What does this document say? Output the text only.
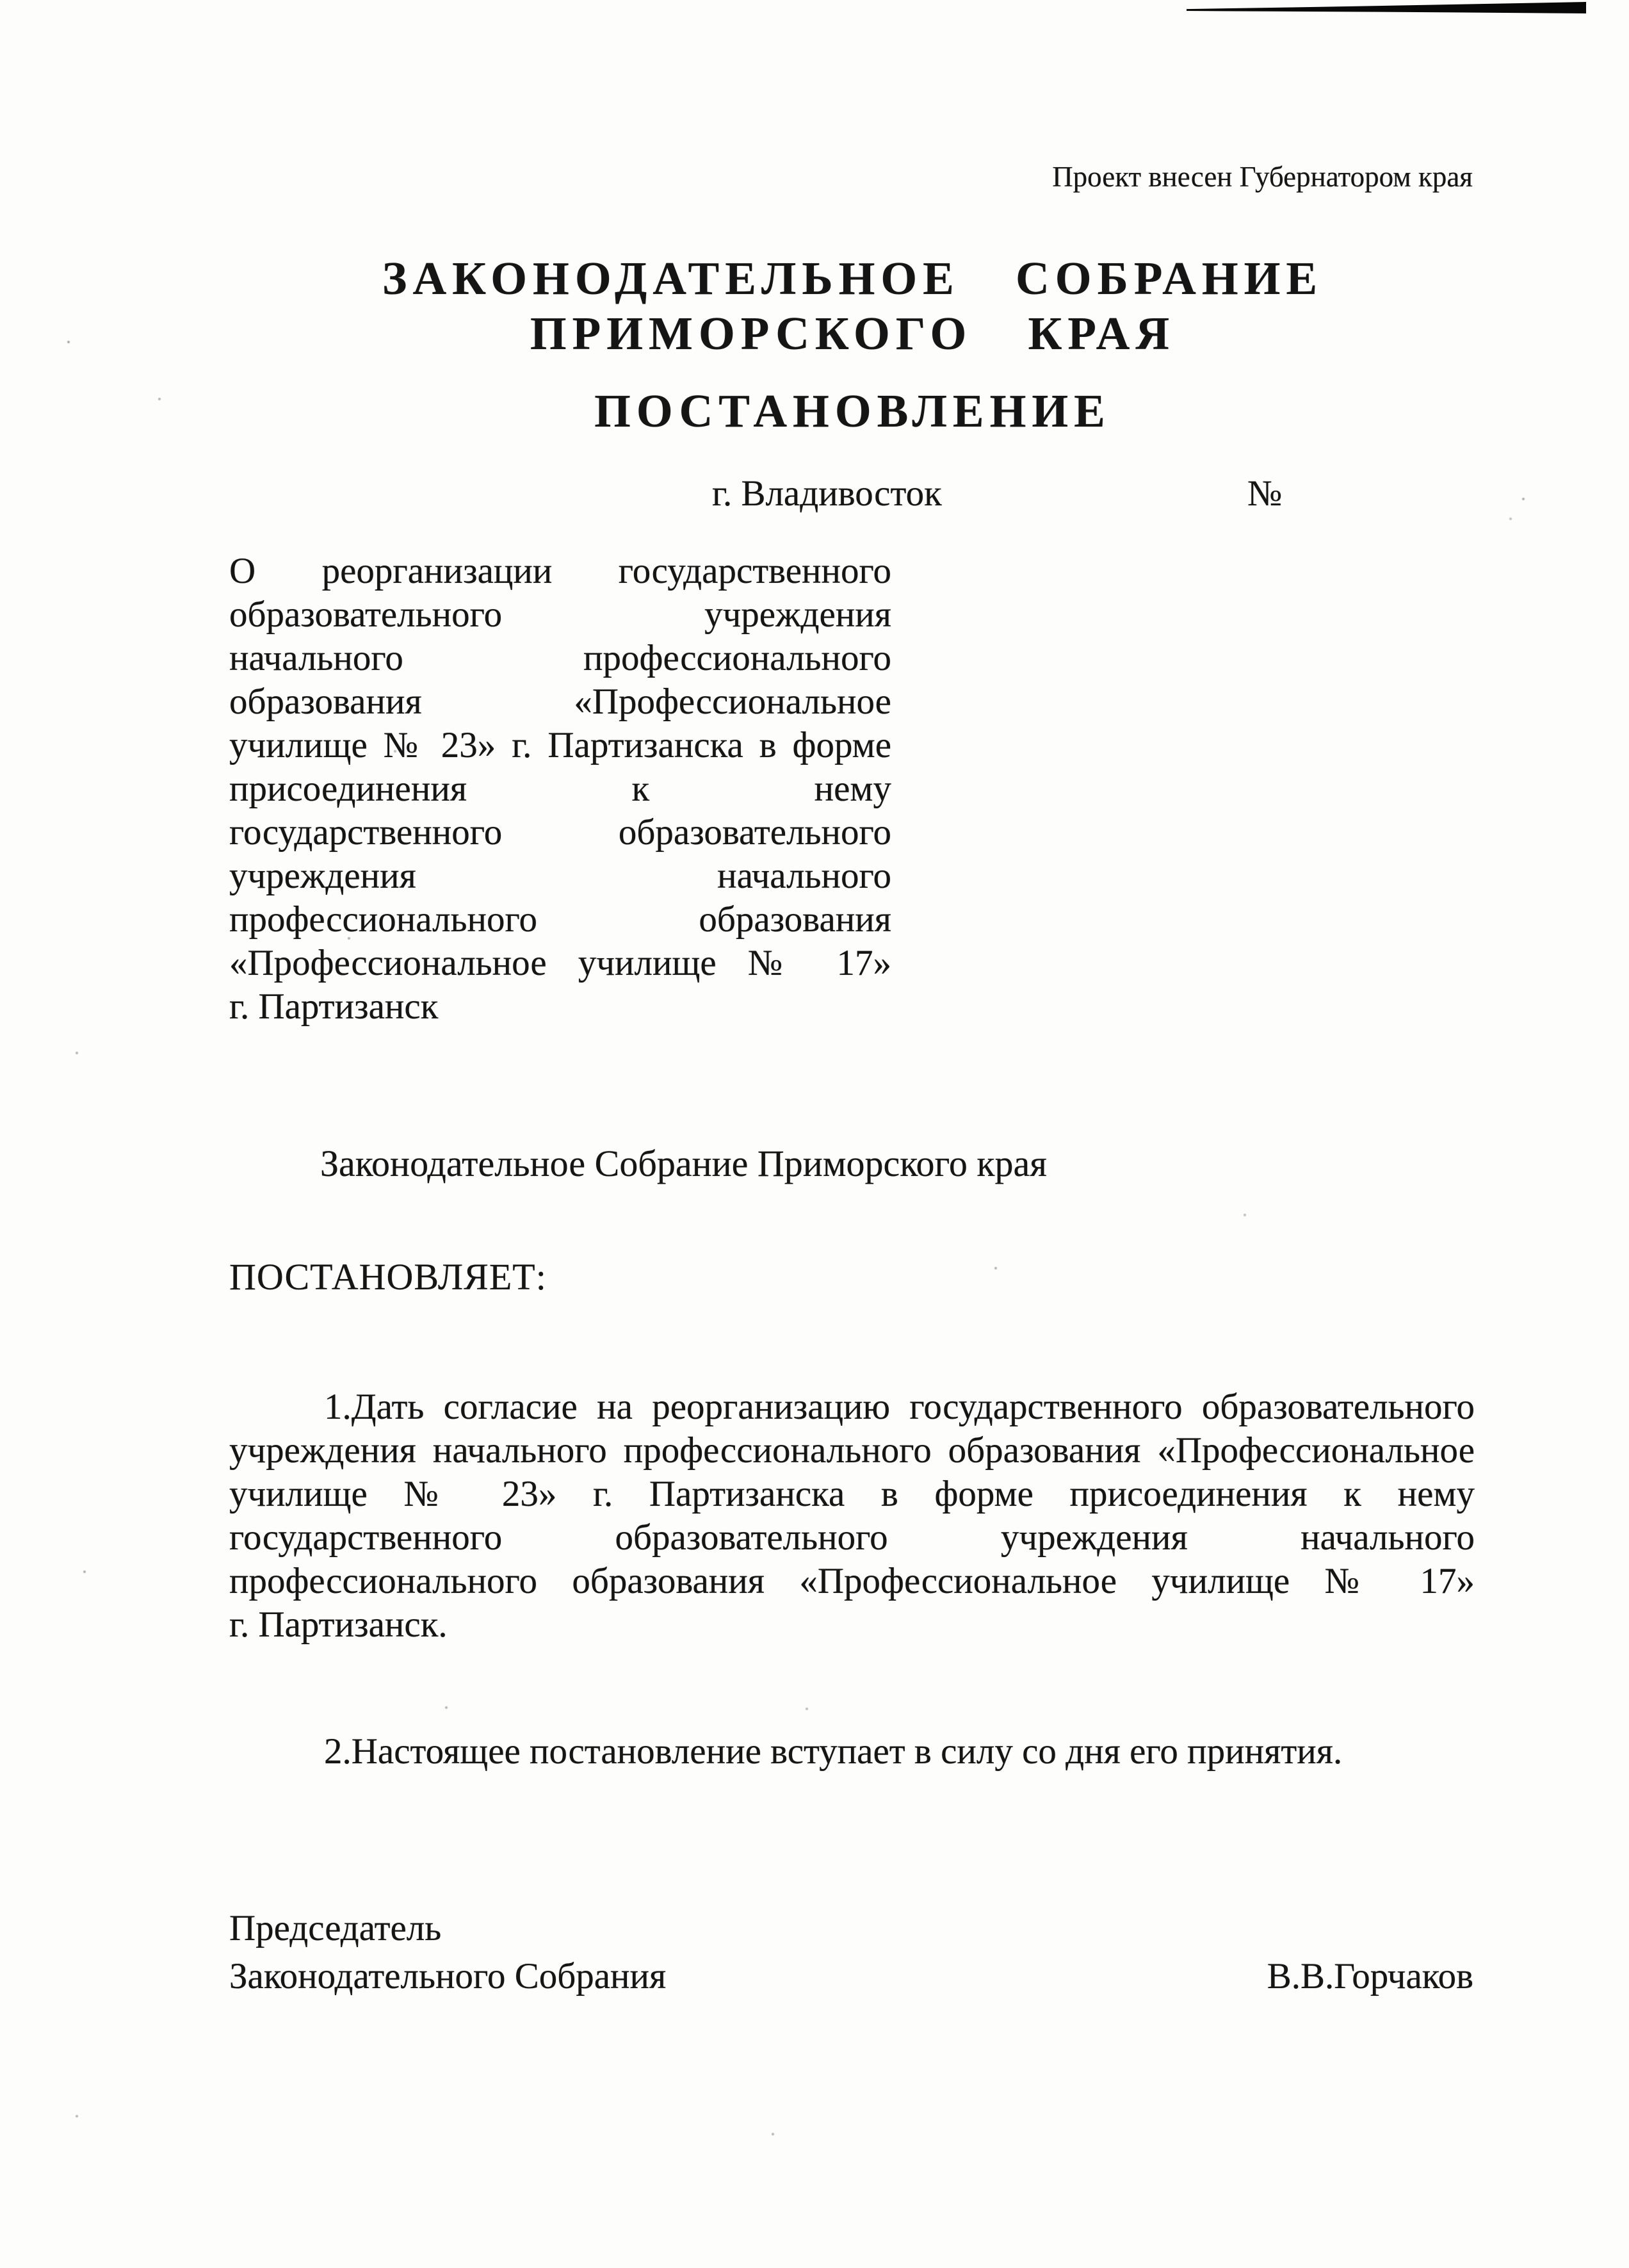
Проект внесен Губернатором края
ЗАКОНОДАТЕЛЬНОЕ СОБРАНИЕ
ПРИМОРСКОГО КРАЯ
ПОСТАНОВЛЕНИЕ
г. Владивосток	№
О реорганизации государственного
образовательного учреждения
начального профессионального
образования «Профессиональное
училище № 23» г. Партизанска в форме
присоединения к нему
государственного образовательного
учреждения начального
профессионального образования
«Профессиональное училище № 17»
г. Партизанск
Законодательное Собрание Приморского края
ПОСТАНОВЛЯЕТ:
1.Дать согласие на реорганизацию государственного образовательного
учреждения начального профессионального образования «Профессиональное
училище № 23» г. Партизанска в форме присоединения к нему
государственного образовательного учреждения начального
профессионального образования «Профессиональное училище № 17»
г. Партизанск.
2.Настоящее постановление вступает в силу со дня его принятия.
Председатель
Законодательного Собрания	В.В.Горчаков
